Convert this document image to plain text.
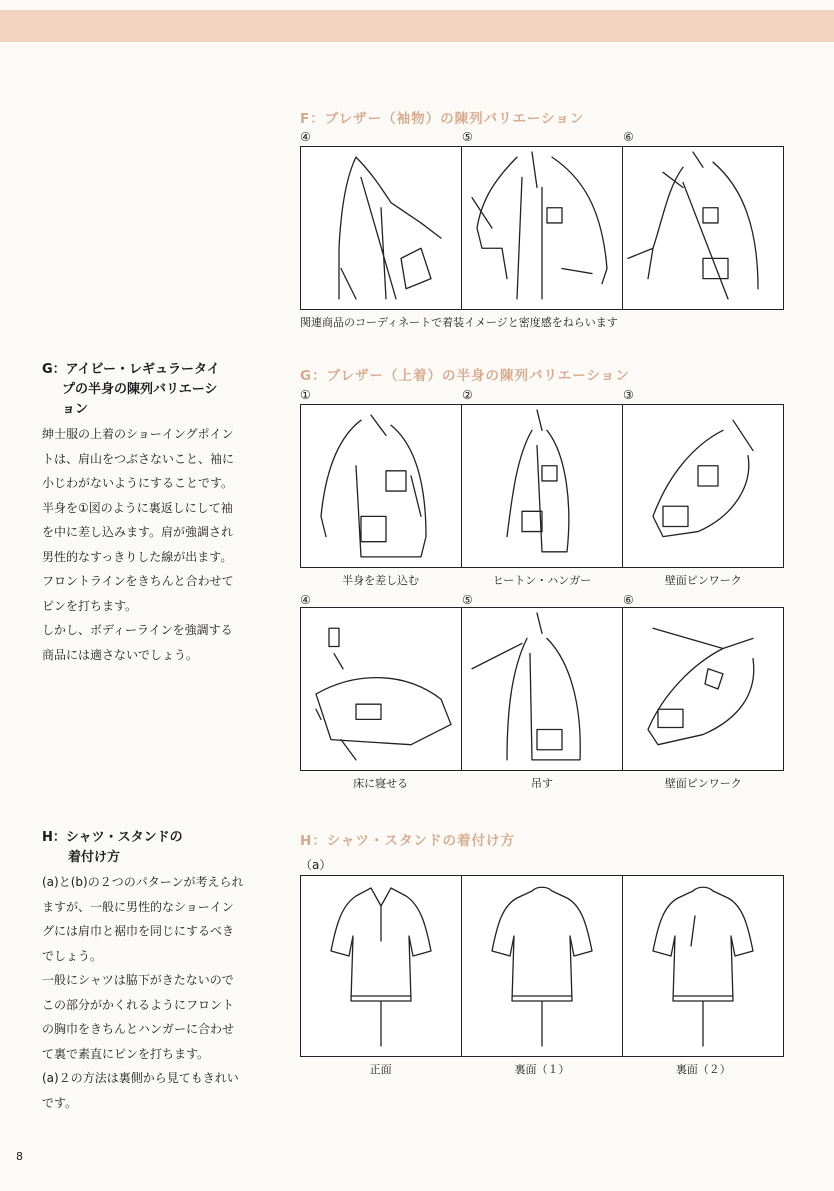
F：ブレザー（袖物）の陳列バリエーション
④	⑤	⑥
関連商品のコーディネートで着装イメージと密度感をねらいます
G：ブレザー（上着）の半身の陳列バリエーション
①	②	③
半身を差し込む	ヒートン・ハンガー	壁面ピンワーク
④	⑤	⑥
床に寝せる	吊す	壁面ピンワーク
H：シャツ・スタンドの着付け方
（a）
正面	裏面（１）	裏面（２）
G：アイビー・レギュラータイ
プの半身の陳列バリエーシ
ョン
紳士服の上着のショーイングポイン
トは、肩山をつぶさないこと、袖に
小じわがないようにすることです。
半身を①図のように裏返しにして袖
を中に差し込みます。肩が強調され
男性的なすっきりした線が出ます。
フロントラインをきちんと合わせて
ピンを打ちます。
しかし、ボディーラインを強調する
商品には適さないでしょう。
H：シャツ・スタンドの
着付け方
(a)と(b)の２つのパターンが考えられ
ますが、一般に男性的なショーイン
グには肩巾と裾巾を同じにするべき
でしょう。
一般にシャツは脇下がきたないので
この部分がかくれるようにフロント
の胸巾をきちんとハンガーに合わせ
て裏で素直にピンを打ちます。
(a)２の方法は裏側から見てもきれい
です。
8
